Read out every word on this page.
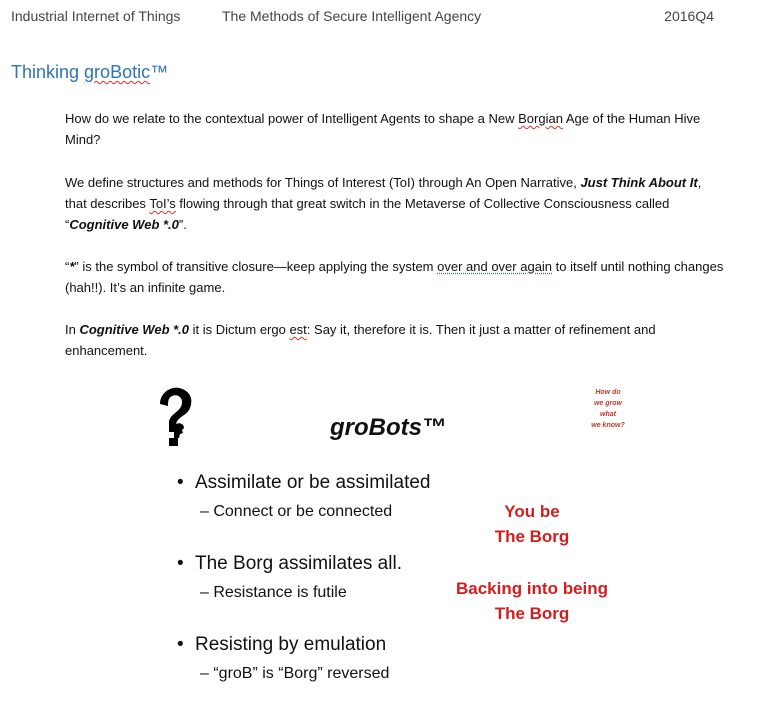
Industrial Internet of Things	The Methods of Secure Intelligent Agency	2016Q4
Thinking groBotic™
How do we relate to the contextual power of Intelligent Agents to shape a New Borgian Age of the Human Hive Mind?
We define structures and methods for Things of Interest (ToI) through An Open Narrative, Just Think About It, that describes ToI’s flowing through that great switch in the Metaverse of Collective Consciousness called “Cognitive Web *.0”.
“*” is the symbol of transitive closure—keep applying the system over and over again to itself until nothing changes (hah!!). It’s an infinite game.
In Cognitive Web *.0 it is Dictum ergo est: Say it, therefore it is. Then it just a matter of refinement and enhancement.
groBots™
How do
we grow
what
we know?
• Assimilate or be assimilated
– Connect or be connected
• The Borg assimilates all.
– Resistance is futile
• Resisting by emulation
– “groB” is “Borg” reversed
You be
The Borg
Backing into being
The Borg
